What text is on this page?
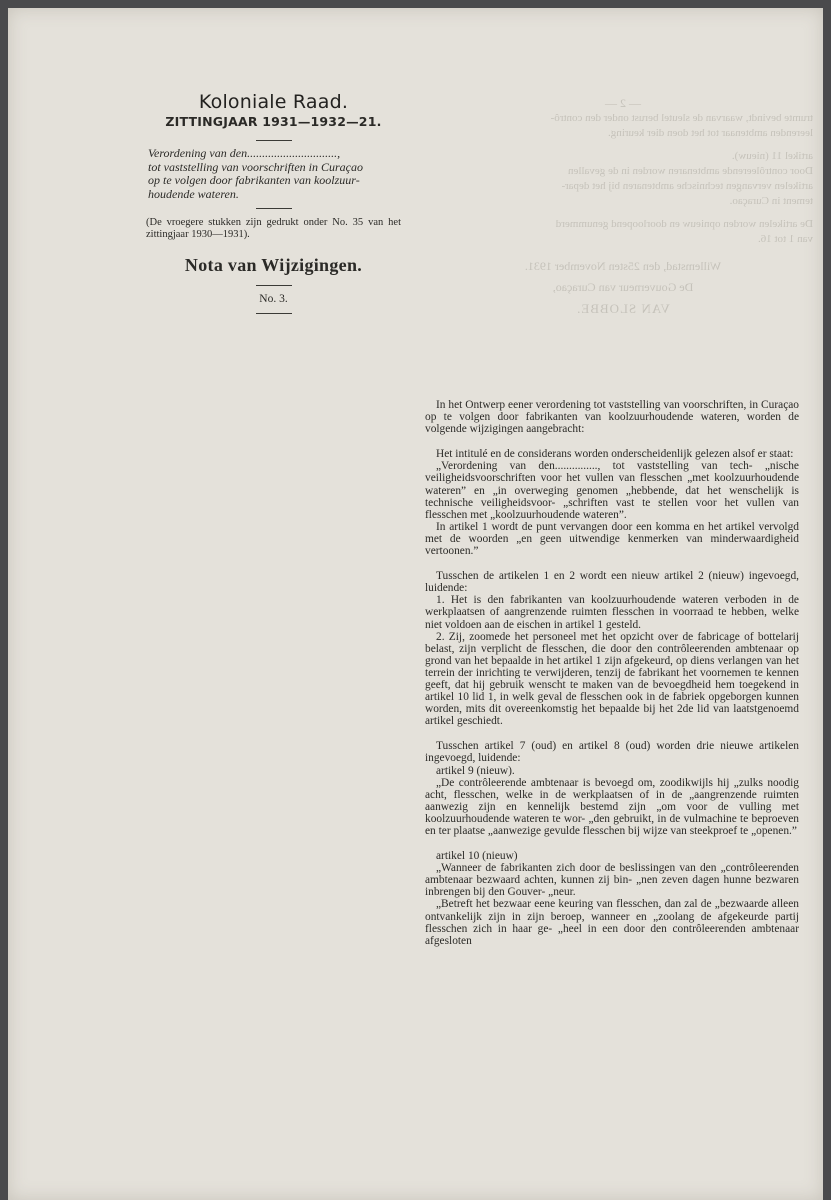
— 2 —
trumte bevindt, waarvan de sleutel berust onder den contrô-
leerenden ambtenaar tot het doen dier keuring.
artikel 11 (nieuw).
Door contrôleerende ambtenaren worden in de gevallen
artikelen vervangen technische ambtenaren bij het depar-
tement in Curaçao.
De artikelen worden opnieuw en doorloopend genummerd
van 1 tot 16.
Willemstad, den 25sten November 1931.
De Gouverneur van Curaçao,
VAN SLOBBE.
Koloniale Raad.
ZITTINGJAAR 1931—1932—21.
Verordening van den..............................,
tot vaststelling van voorschriften in Curaçao
op te volgen door fabrikanten van koolzuur-
houdende wateren.
(De vroegere stukken zijn gedrukt onder No. 35 van het zittingjaar 1930—1931).
Nota van Wijzigingen.
No. 3.

In het Ontwerp eener verordening tot vaststelling van voorschriften, in Curaçao op te volgen door fabrikanten van koolzuurhoudende wateren, worden de volgende wijzigingen aangebracht:

Het intitulé en de considerans worden onderscheidenlijk gelezen alsof er staat:

„Verordening van den..............., tot vaststelling van tech- „nische veiligheidsvoorschriften voor het vullen van flesschen „met koolzuurhoudende wateren” en „in overweging genomen „hebbende, dat het wenschelijk is technische veiligheidsvoor- „schriften vast te stellen voor het vullen van flesschen met „koolzuurhoudende wateren”.

In artikel 1 wordt de punt vervangen door een komma en het artikel vervolgd met de woorden „en geen uitwendige kenmerken van minderwaardigheid vertoonen.”

Tusschen de artikelen 1 en 2 wordt een nieuw artikel 2 (nieuw) ingevoegd, luidende:

1. Het is den fabrikanten van koolzuurhoudende wateren verboden in de werkplaatsen of aangrenzende ruimten flesschen in voorraad te hebben, welke niet voldoen aan de eischen in artikel 1 gesteld.

2. Zij, zoomede het personeel met het opzicht over de fabricage of bottelarij belast, zijn verplicht de flesschen, die door den contrôleerenden ambtenaar op grond van het bepaalde in het artikel 1 zijn afgekeurd, op diens verlangen van het terrein der inrichting te verwijderen, tenzij de fabrikant het voornemen te kennen geeft, dat hij gebruik wenscht te maken van de bevoegdheid hem toegekend in artikel 10 lid 1, in welk geval de flesschen ook in de fabriek opgeborgen kunnen worden, mits dit overeenkomstig het bepaalde bij het 2de lid van laatstgenoemd artikel geschiedt.

Tusschen artikel 7 (oud) en artikel 8 (oud) worden drie nieuwe artikelen ingevoegd, luidende:

artikel 9 (nieuw).

„De contrôleerende ambtenaar is bevoegd om, zoodikwijls hij „zulks noodig acht, flesschen, welke in de werkplaatsen of in de „aangrenzende ruimten aanwezig zijn en kennelijk bestemd zijn „om voor de vulling met koolzuurhoudende wateren te wor- „den gebruikt, in de vulmachine te beproeven en ter plaatse „aanwezige gevulde flesschen bij wijze van steekproef te „openen.”

artikel 10 (nieuw)

„Wanneer de fabrikanten zich door de beslissingen van den „contrôleerenden ambtenaar bezwaard achten, kunnen zij bin- „nen zeven dagen hunne bezwaren inbrengen bij den Gouver- „neur.

„Betreft het bezwaar eene keuring van flesschen, dan zal de „bezwaarde alleen ontvankelijk zijn in zijn beroep, wanneer en „zoolang de afgekeurde partij flesschen zich in haar ge- „heel in een door den contrôleerenden ambtenaar afgesloten
